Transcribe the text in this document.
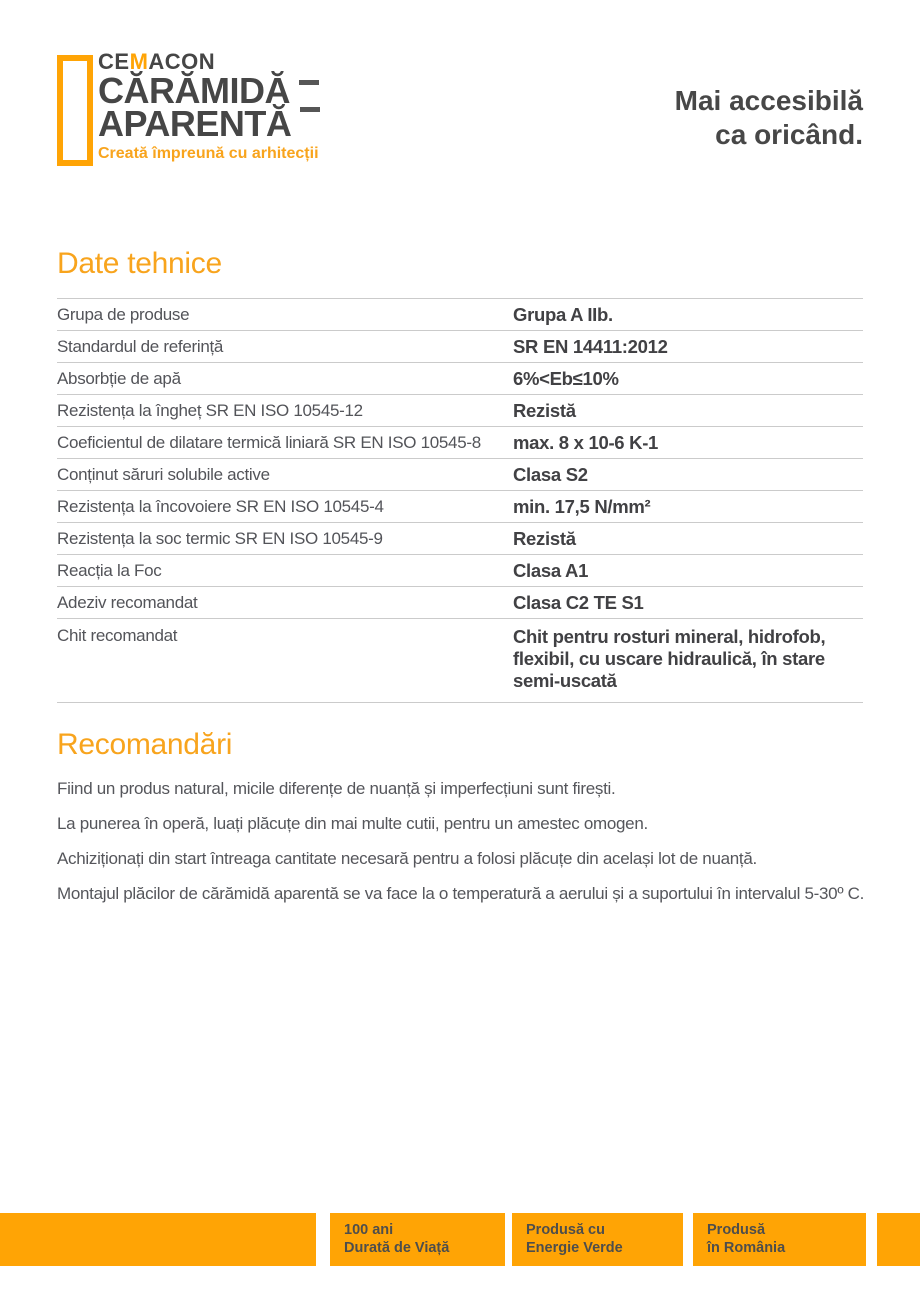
CEMACON
CĂRĂMIDĂ
APARENTĂ
Creată împreună cu arhitecții
Mai accesibilă
ca oricând.
Date tehnice
Grupa de produse	Grupa A IIb.
Standardul de referință	SR EN 14411:2012
Absorbție de apă	6%<Eb≤10%
Rezistența la îngheț SR EN ISO 10545-12	Rezistă
Coeficientul de dilatare termică liniară SR EN ISO 10545-8	max. 8 x 10-6 K-1
Conținut săruri solubile active	Clasa S2
Rezistența la încovoiere SR EN ISO 10545-4	min. 17,5 N/mm²
Rezistența la soc termic SR EN ISO 10545-9	Rezistă
Reacția la Foc	Clasa A1
Adeziv recomandat	Clasa C2 TE S1
Chit recomandat	Chit pentru rosturi mineral, hidrofob, flexibil, cu uscare hidraulică, în stare semi-uscată
Recomandări

Fiind un produs natural, micile diferențe de nuanță și imperfecțiuni sunt firești.

La punerea în operă, luați plăcuțe din mai multe cutii, pentru un amestec omogen.

Achiziționați din start întreaga cantitate necesară pentru a folosi plăcuțe din același lot de nuanță.

Montajul plăcilor de cărămidă aparentă se va face la o temperatură a aerului și a suportului în intervalul 5-30º C.

100 ani
Durată de Viață
Produsă cu
Energie Verde
Produsă
în România
